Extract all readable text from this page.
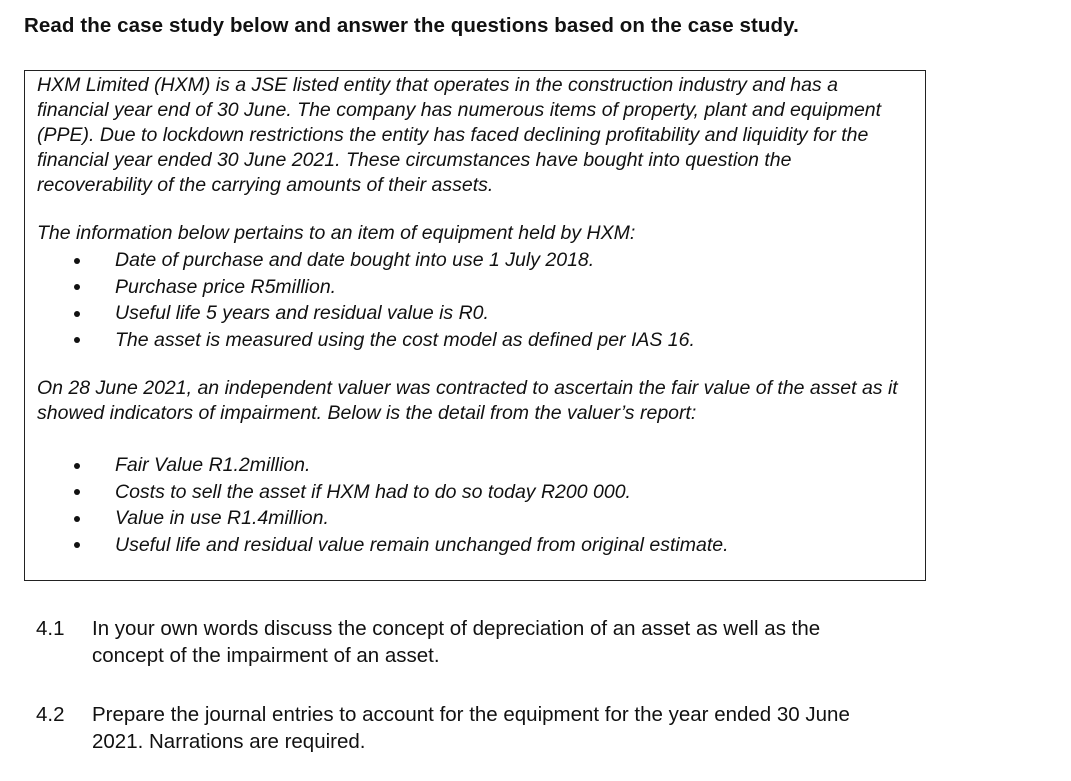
Read the case study below and answer the questions based on the case study.

HXM Limited (HXM) is a JSE listed entity that operates in the construction industry and has a financial year end of 30 June. The company has numerous items of property, plant and equipment (PPE). Due to lockdown restrictions the entity has faced declining profitability and liquidity for the financial year ended 30 June 2021. These circumstances have bought into question the recoverability of the carrying amounts of their assets.

The information below pertains to an item of equipment held by HXM:

Date of purchase and date bought into use 1 July 2018.
Purchase price R5million.
Useful life 5 years and residual value is R0.
The asset is measured using the cost model as defined per IAS 16.

On 28 June 2021, an independent valuer was contracted to ascertain the fair value of the asset as it showed indicators of impairment. Below is the detail from the valuer’s report:

Fair Value R1.2million.
Costs to sell the asset if HXM had to do so today R200 000.
Value in use R1.4million.
Useful life and residual value remain unchanged from original estimate.
4.1 In your own words discuss the concept of depreciation of an asset as well as the concept of the impairment of an asset.
4.2 Prepare the journal entries to account for the equipment for the year ended 30 June 2021. Narrations are required.
